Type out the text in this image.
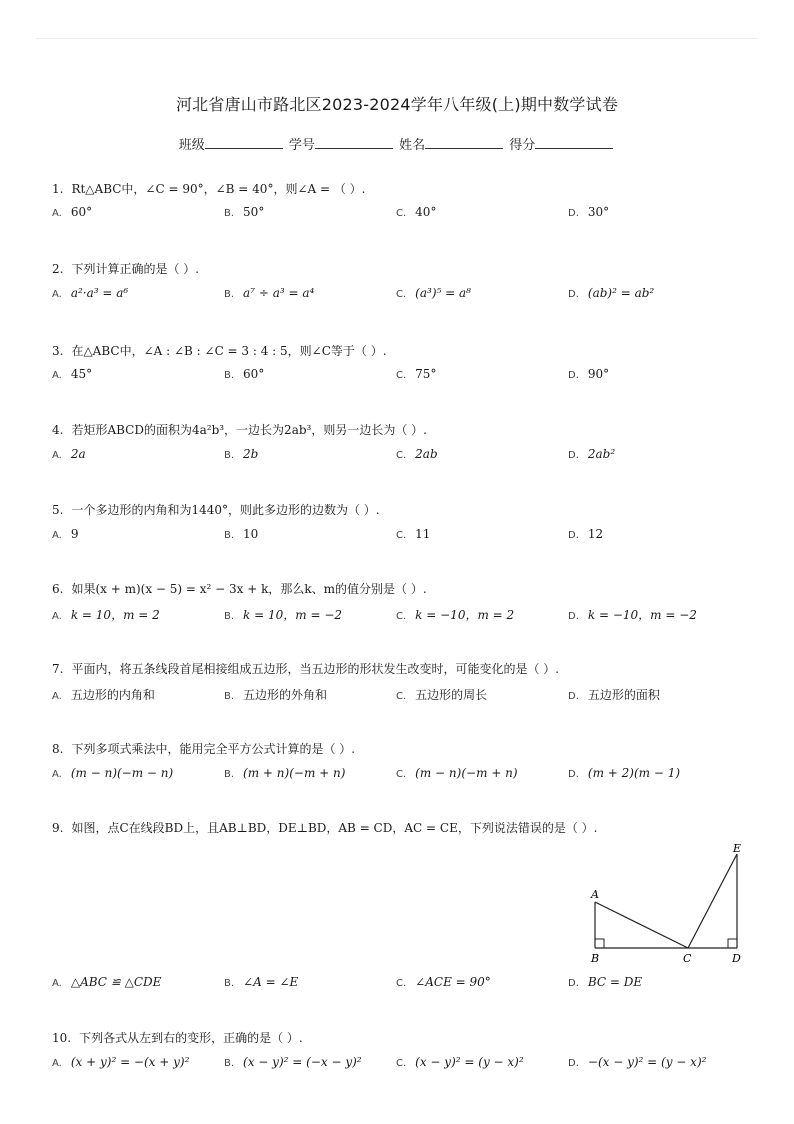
河北省唐山市路北区2023-2024学年八年级(上)期中数学试卷
班级	学号	姓名	得分
1. Rt△ABC中，∠C = 90°，∠B = 40°，则∠A = （ ）.
A. 60°	B. 50°	C. 40°	D. 30°
2. 下列计算正确的是（ ）.
A. a²·a³ = a⁶	B. a⁷ ÷ a³ = a⁴	C. (a³)⁵ = a⁸	D. (ab)² = ab²
3. 在△ABC中，∠A : ∠B : ∠C = 3 : 4 : 5，则∠C等于（ ）.
A. 45°	B. 60°	C. 75°	D. 90°
4. 若矩形ABCD的面积为4a²b³，一边长为2ab³，则另一边长为（ ）.
A. 2a	B. 2b	C. 2ab	D. 2ab²
5. 一个多边形的内角和为1440°，则此多边形的边数为（ ）.
A. 9	B. 10	C. 11	D. 12
6. 如果(x + m)(x − 5) = x² − 3x + k，那么k、m的值分别是（ ）.
A. k = 10，m = 2	B. k = 10，m = −2	C. k = −10，m = 2	D. k = −10，m = −2
7. 平面内，将五条线段首尾相接组成五边形，当五边形的形状发生改变时，可能变化的是（ ）.
A. 五边形的内角和	B. 五边形的外角和	C. 五边形的周长	D. 五边形的面积
8. 下列多项式乘法中，能用完全平方公式计算的是（ ）.
A. (m − n)(−m − n)	B. (m + n)(−m + n)	C. (m − n)(−m + n)	D. (m + 2)(m − 1)
9. 如图，点C在线段BD上，且AB⊥BD，DE⊥BD，AB = CD，AC = CE，下列说法错误的是（ ）.
A
B	C	D
E
A. △ABC ≌ △CDE	B. ∠A = ∠E	C. ∠ACE = 90°	D. BC = DE
10. 下列各式从左到右的变形，正确的是（ ）.
A. (x + y)² = −(x + y)²	B. (x − y)² = (−x − y)²	C. (x − y)² = (y − x)²	D. −(x − y)² = (y − x)²
